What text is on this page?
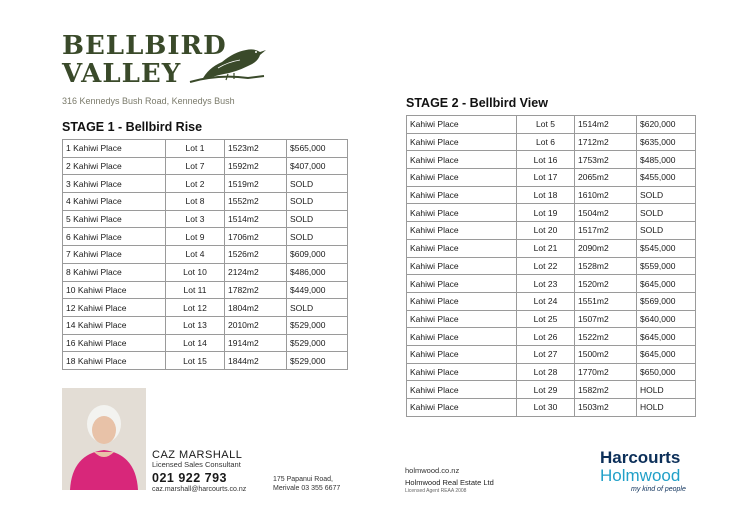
BELLBIRD
VALLEY
316 Kennedys Bush Road, Kennedys Bush
STAGE 1 - Bellbird Rise
1 Kahiwi Place	Lot 1	1523m2	$565,000
2 Kahiwi Place	Lot 7	1592m2	$407,000
3 Kahiwi Place	Lot 2	1519m2	SOLD
4 Kahiwi Place	Lot 8	1552m2	SOLD
5 Kahiwi Place	Lot 3	1514m2	SOLD
6 Kahiwi Place	Lot 9	1706m2	SOLD
7 Kahiwi Place	Lot 4	1526m2	$609,000
8 Kahiwi Place	Lot 10	2124m2	$486,000
10 Kahiwi Place	Lot 11	1782m2	$449,000
12 Kahiwi Place	Lot 12	1804m2	SOLD
14 Kahiwi Place	Lot 13	2010m2	$529,000
16 Kahiwi Place	Lot 14	1914m2	$529,000
18 Kahiwi Place	Lot 15	1844m2	$529,000
STAGE 2 - Bellbird View
Kahiwi Place	Lot 5	1514m2	$620,000
Kahiwi Place	Lot 6	1712m2	$635,000
Kahiwi Place	Lot 16	1753m2	$485,000
Kahiwi Place	Lot 17	2065m2	$455,000
Kahiwi Place	Lot 18	1610m2	SOLD
Kahiwi Place	Lot 19	1504m2	SOLD
Kahiwi Place	Lot 20	1517m2	SOLD
Kahiwi Place	Lot 21	2090m2	$545,000
Kahiwi Place	Lot 22	1528m2	$559,000
Kahiwi Place	Lot 23	1520m2	$645,000
Kahiwi Place	Lot 24	1551m2	$569,000
Kahiwi Place	Lot 25	1507m2	$640,000
Kahiwi Place	Lot 26	1522m2	$645,000
Kahiwi Place	Lot 27	1500m2	$645,000
Kahiwi Place	Lot 28	1770m2	$650,000
Kahiwi Place	Lot 29	1582m2	HOLD
Kahiwi Place	Lot 30	1503m2	HOLD
CAZ MARSHALL
Licensed Sales Consultant
021 922 793
caz.marshall@harcourts.co.nz
175 Papanui Road,
Merivale 03 355 6677
holmwood.co.nz
Holmwood Real Estate Ltd
Licensed Agent REAA 2008
Harcourts
Holmwood
my kind of people
